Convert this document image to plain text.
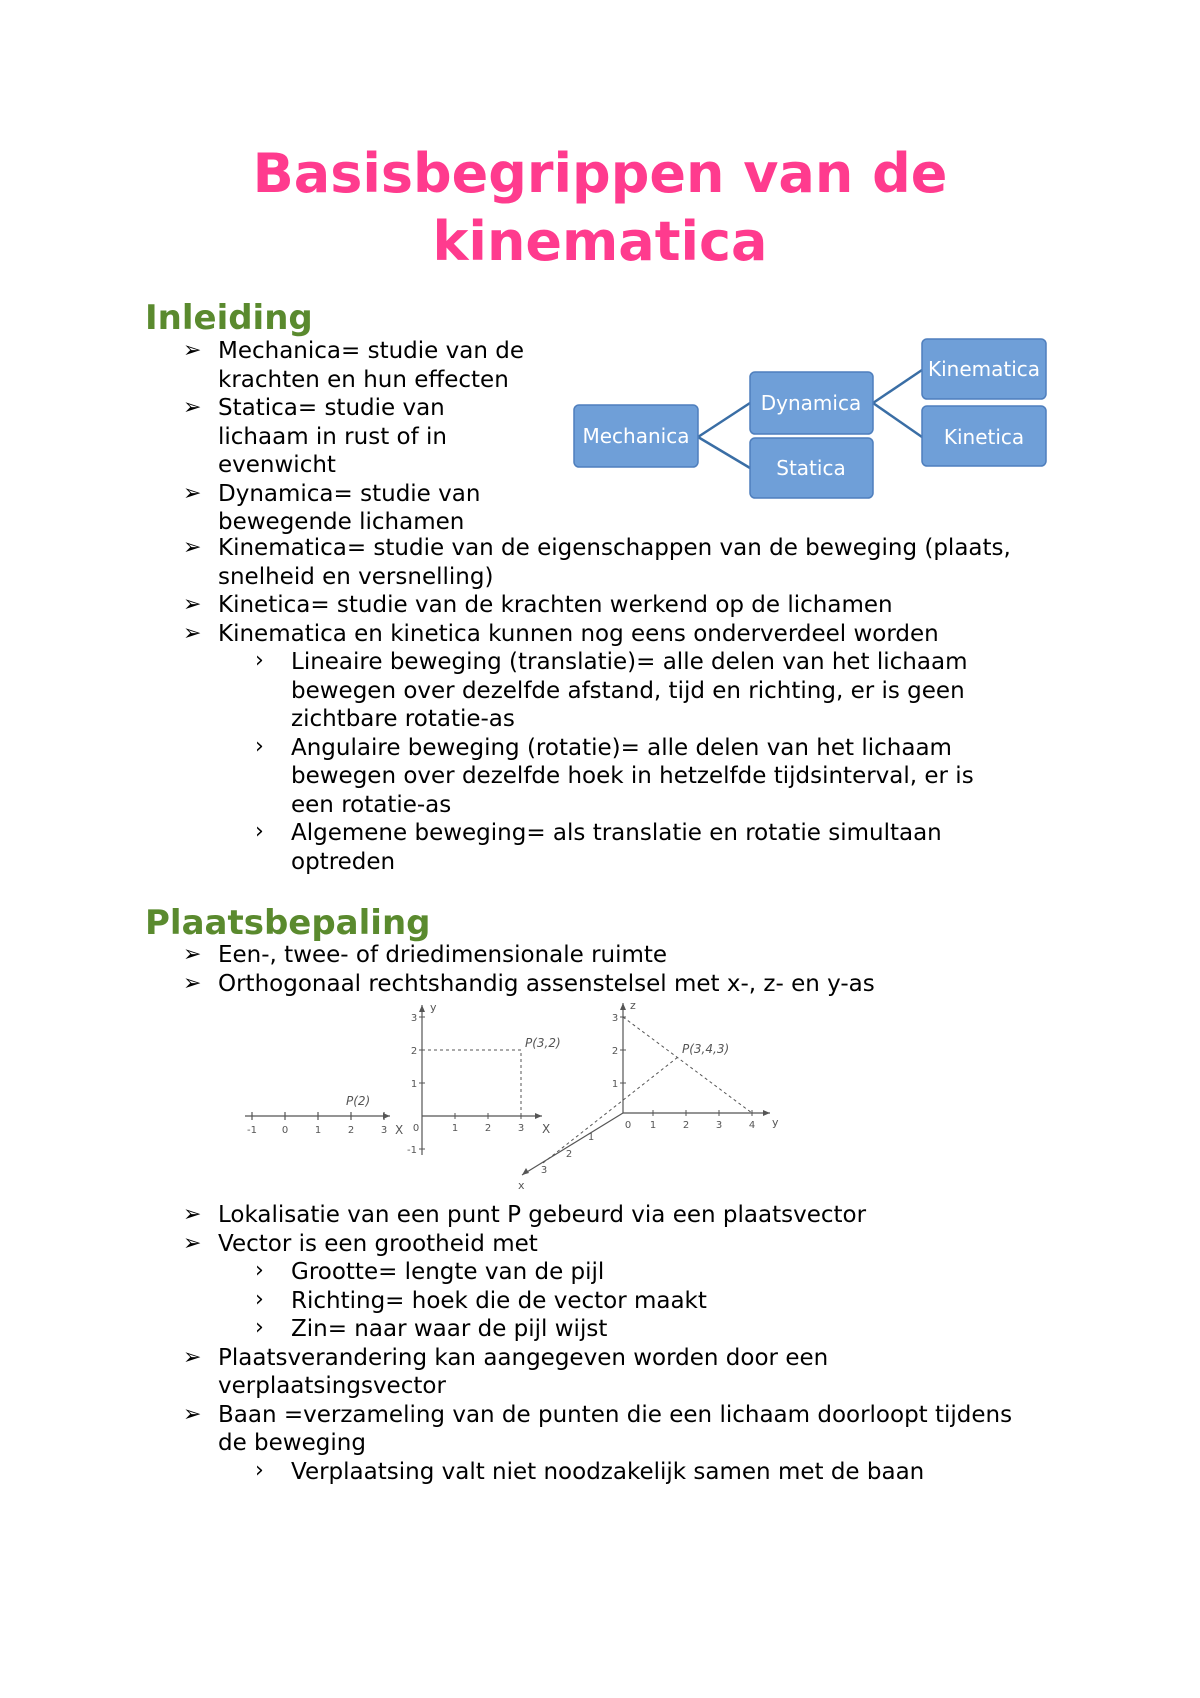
Basisbegrippen van de
kinematica
Inleiding
➢ Mechanica= studie van de
krachten en hun effecten
➢ Statica= studie van
lichaam in rust of in
evenwicht
➢ Dynamica= studie van
bewegende lichamen
Mechanica
Dynamica
Statica
Kinematica
Kinetica
➢ Kinematica= studie van de eigenschappen van de beweging (plaats,
snelheid en versnelling)
➢ Kinetica= studie van de krachten werkend op de lichamen
➢ Kinematica en kinetica kunnen nog eens onderverdeel worden
› Lineaire beweging (translatie)= alle delen van het lichaam
bewegen over dezelfde afstand, tijd en richting, er is geen
zichtbare rotatie-as
› Angulaire beweging (rotatie)= alle delen van het lichaam
bewegen over dezelfde hoek in hetzelfde tijdsinterval, er is
een rotatie-as
› Algemene beweging= als translatie en rotatie simultaan
optreden
Plaatsbepaling
➢ Een-, twee- of driedimensionale ruimte
➢ Orthogonaal rechtshandig assenstelsel met x-, z- en y-as
-1 0	1	2	3 X
P(2)
0	1	2	3
-1
1
2
3
X
y
P(3,2)
0 1	2	3	4
1
2
3
1
2
3
x
y
z
P(3,4,3)
➢ Lokalisatie van een punt P gebeurd via een plaatsvector
➢ Vector is een grootheid met
› Grootte= lengte van de pijl
› Richting= hoek die de vector maakt
› Zin= naar waar de pijl wijst
➢ Plaatsverandering kan aangegeven worden door een
verplaatsingsvector
➢ Baan =verzameling van de punten die een lichaam doorloopt tijdens
de beweging
› Verplaatsing valt niet noodzakelijk samen met de baan
